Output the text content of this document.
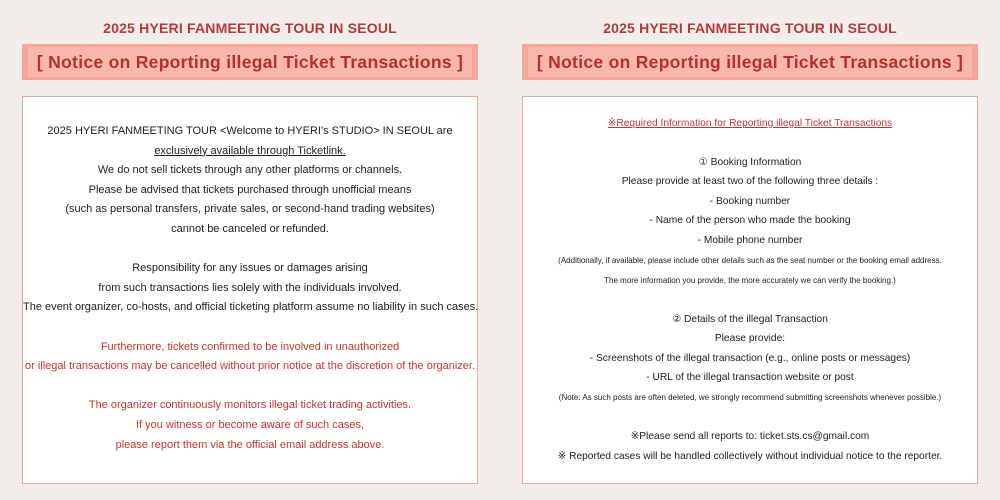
2025 HYERI FANMEETING TOUR IN SEOUL
[ Notice on Reporting illegal Ticket Transactions ]
2025 HYERI FANMEETING TOUR <Welcome to HYERI's STUDIO> IN SEOUL are
exclusively available through Ticketlink.
We do not sell tickets through any other platforms or channels.
Please be advised that tickets purchased through unofficial means
(such as personal transfers, private sales, or second-hand trading websites)
cannot be canceled or refunded.
Responsibility for any issues or damages arising
from such transactions lies solely with the individuals involved.
The event organizer, co-hosts, and official ticketing platform assume no liability in such cases.
Furthermore, tickets confirmed to be involved in unauthorized
or illegal transactions may be cancelled without prior notice at the discretion of the organizer.
The organizer continuously monitors illegal ticket trading activities.
If you witness or become aware of such cases,
please report them via the official email address above.
2025 HYERI FANMEETING TOUR IN SEOUL
[ Notice on Reporting illegal Ticket Transactions ]
※Required Information for Reporting illegal Ticket Transactions
① Booking Information
Please provide at least two of the following three details :
- Booking number
- Name of the person who made the booking
- Mobile phone number
(Additionally, if available, please include other details such as the seat number or the booking email address.
The more information you provide, the more accurately we can verify the booking.)
② Details of the illegal Transaction
Please provide:
- Screenshots of the illegal transaction (e.g., online posts or messages)
- URL of the illegal transaction website or post
(Note: As such posts are often deleted, we strongly recommend submitting screenshots whenever possible.)
※Please send all reports to: ticket.sts.cs@gmail.com
※ Reported cases will be handled collectively without individual notice to the reporter.
